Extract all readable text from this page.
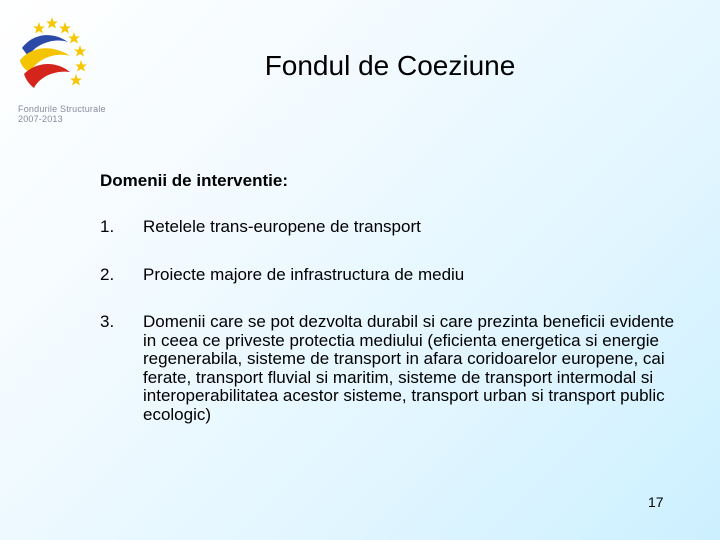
Fondurile Structurale
2007-2013
Fondul de Coeziune
Domenii de interventie:
1.	Retelele trans-europene de transport
2.	Proiecte majore de infrastructura de mediu
3.	Domenii care se pot dezvolta durabil si care prezinta beneficii evidente in ceea ce priveste protectia mediului (eficienta energetica si energie regenerabila, sisteme de transport in afara coridoarelor europene, cai ferate, transport fluvial si maritim, sisteme de transport intermodal si interoperabilitatea acestor sisteme, transport urban si transport public ecologic)
17
